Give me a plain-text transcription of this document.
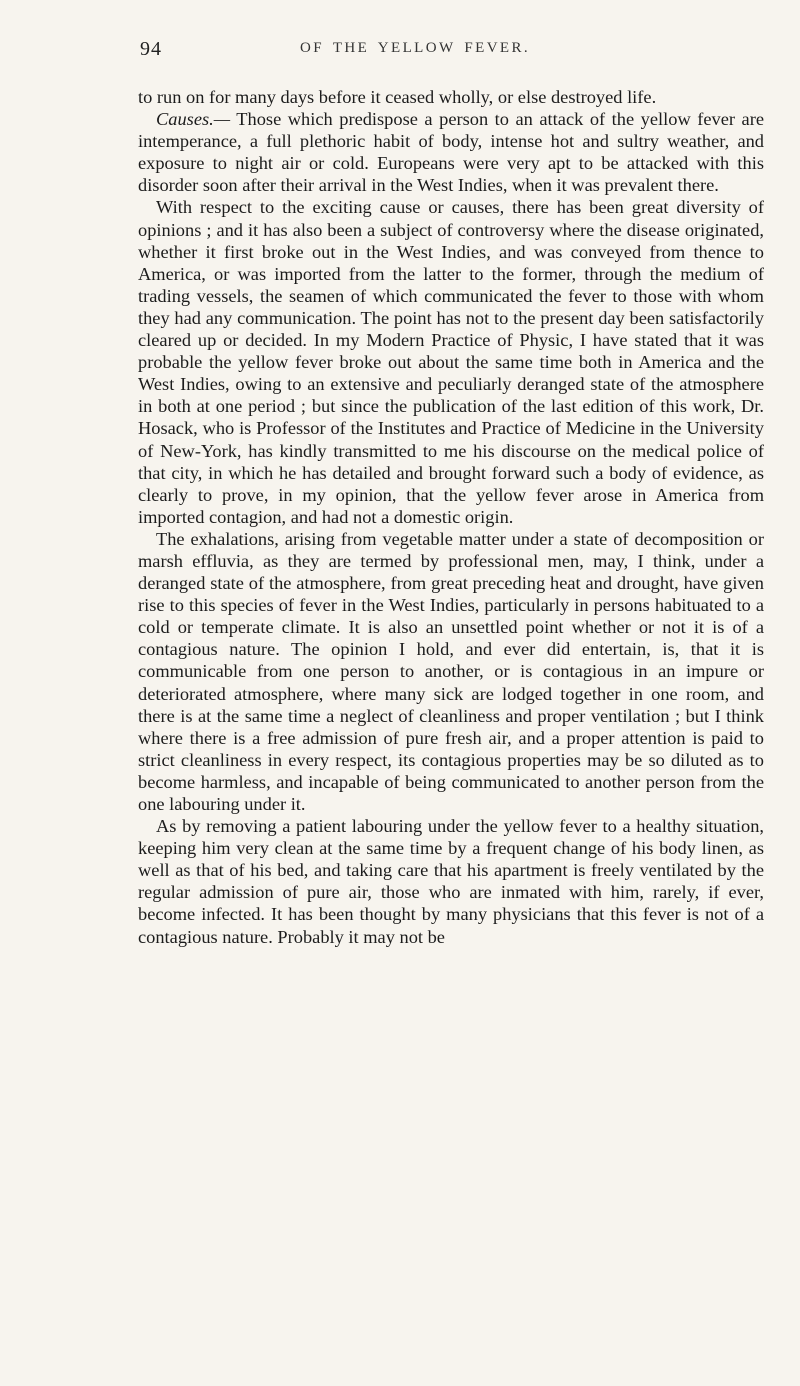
94	OF THE YELLOW FEVER.

to run on for many days before it ceased wholly, or else destroyed life.

Causes.— Those which predispose a person to an attack of the yellow fever are intemperance, a full plethoric habit of body, intense hot and sultry weather, and exposure to night air or cold. Europeans were very apt to be attacked with this disorder soon after their arrival in the West Indies, when it was prevalent there.

With respect to the exciting cause or causes, there has been great diversity of opinions ; and it has also been a subject of controversy where the disease originated, whether it first broke out in the West Indies, and was conveyed from thence to America, or was imported from the latter to the former, through the medium of trading vessels, the seamen of which communicated the fever to those with whom they had any communication. The point has not to the present day been satisfactorily cleared up or decided. In my Modern Practice of Physic, I have stated that it was probable the yellow fever broke out about the same time both in America and the West Indies, owing to an extensive and peculiarly deranged state of the atmosphere in both at one period ; but since the publication of the last edition of this work, Dr. Hosack, who is Professor of the Institutes and Practice of Medicine in the University of New-York, has kindly transmitted to me his discourse on the medical police of that city, in which he has detailed and brought forward such a body of evidence, as clearly to prove, in my opinion, that the yellow fever arose in America from imported contagion, and had not a domestic origin.

The exhalations, arising from vegetable matter under a state of decomposition or marsh effluvia, as they are termed by professional men, may, I think, under a deranged state of the atmosphere, from great preceding heat and drought, have given rise to this species of fever in the West Indies, particularly in persons habituated to a cold or temperate climate. It is also an unsettled point whether or not it is of a contagious nature. The opinion I hold, and ever did entertain, is, that it is communicable from one person to another, or is contagious in an impure or deteriorated atmosphere, where many sick are lodged together in one room, and there is at the same time a neglect of cleanliness and proper ventilation ; but I think where there is a free admission of pure fresh air, and a proper attention is paid to strict cleanliness in every respect, its contagious properties may be so diluted as to become harmless, and incapable of being communicated to another person from the one labouring under it.

As by removing a patient labouring under the yellow fever to a healthy situation, keeping him very clean at the same time by a frequent change of his body linen, as well as that of his bed, and taking care that his apartment is freely ventilated by the regular admission of pure air, those who are inmated with him, rarely, if ever, become infected. It has been thought by many physicians that this fever is not of a contagious nature. Probably it may not be
